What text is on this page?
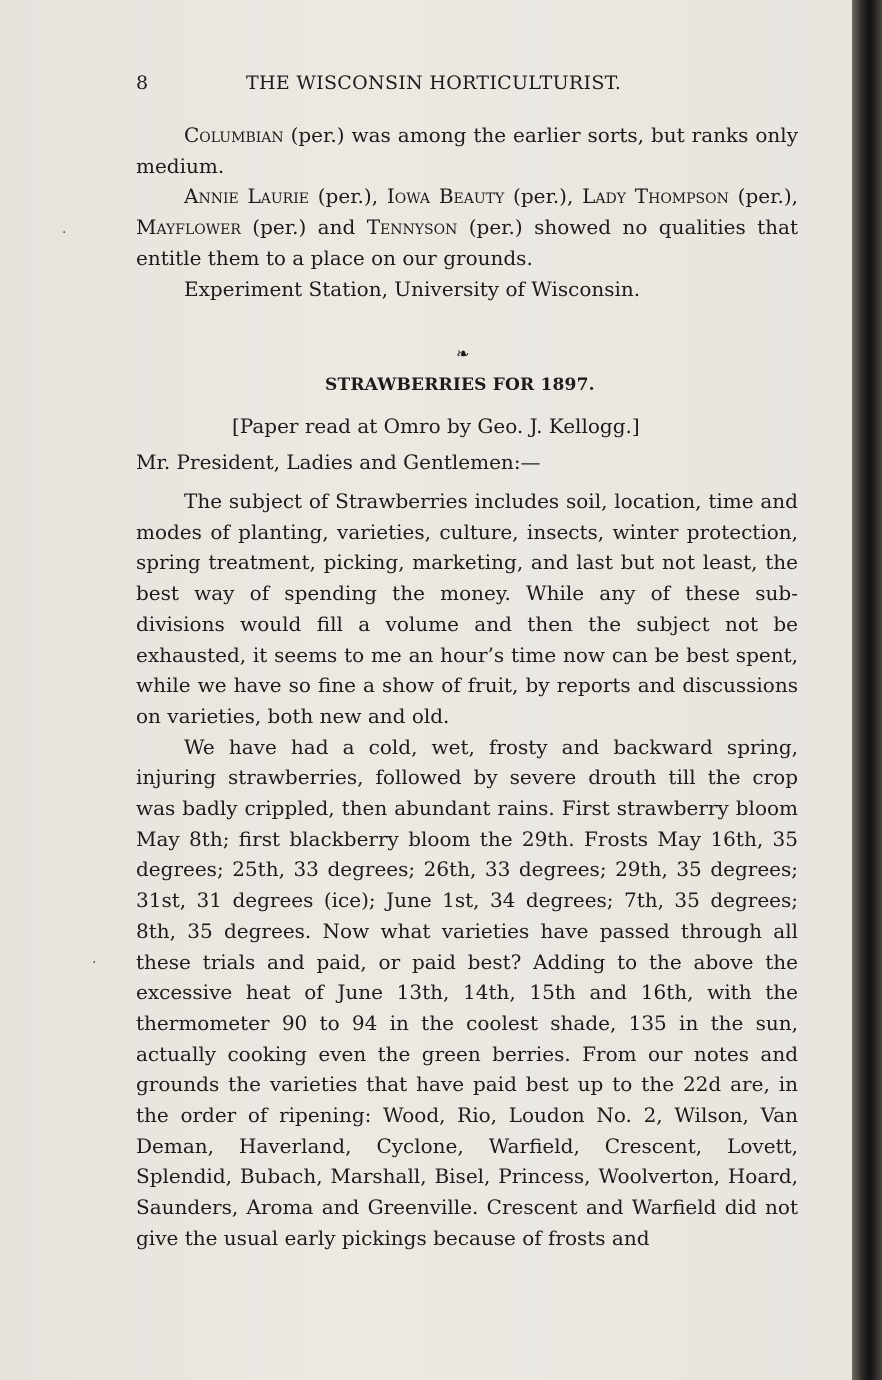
8	THE WISCONSIN HORTICULTURIST.

Columbian (per.) was among the earlier sorts, but ranks only medium.

Annie Laurie (per.), Iowa Beauty (per.), Lady Thompson (per.), Mayflower (per.) and Tennyson (per.) showed no qualities that entitle them to a place on our grounds.

Experiment Station, University of Wisconsin.

❧
STRAWBERRIES FOR 1897.
[Paper read at Omro by Geo. J. Kellogg.]
Mr. President, Ladies and Gentlemen:—

The subject of Strawberries includes soil, location, time and modes of planting, varieties, culture, insects, winter protection, spring treatment, picking, marketing, and last but not least, the best way of spending the money. While any of these sub-divisions would fill a volume and then the subject not be exhausted, it seems to me an hour’s time now can be best spent, while we have so fine a show of fruit, by reports and discussions on varieties, both new and old.

We have had a cold, wet, frosty and backward spring, injuring strawberries, followed by severe drouth till the crop was badly crippled, then abundant rains. First strawberry bloom May 8th; first blackberry bloom the 29th. Frosts May 16th, 35 degrees; 25th, 33 degrees; 26th, 33 degrees; 29th, 35 degrees; 31st, 31 degrees (ice); June 1st, 34 degrees; 7th, 35 degrees; 8th, 35 degrees. Now what varieties have passed through all these trials and paid, or paid best? Adding to the above the excessive heat of June 13th, 14th, 15th and 16th, with the thermometer 90 to 94 in the coolest shade, 135 in the sun, actually cooking even the green berries. From our notes and grounds the varieties that have paid best up to the 22d are, in the order of ripening: Wood, Rio, Loudon No. 2, Wilson, Van Deman, Haverland, Cyclone, Warfield, Crescent, Lovett, Splendid, Bubach, Marshall, Bisel, Princess, Woolverton, Hoard, Saunders, Aroma and Greenville. Crescent and Warfield did not give the usual early pickings because of frosts and

·
·
